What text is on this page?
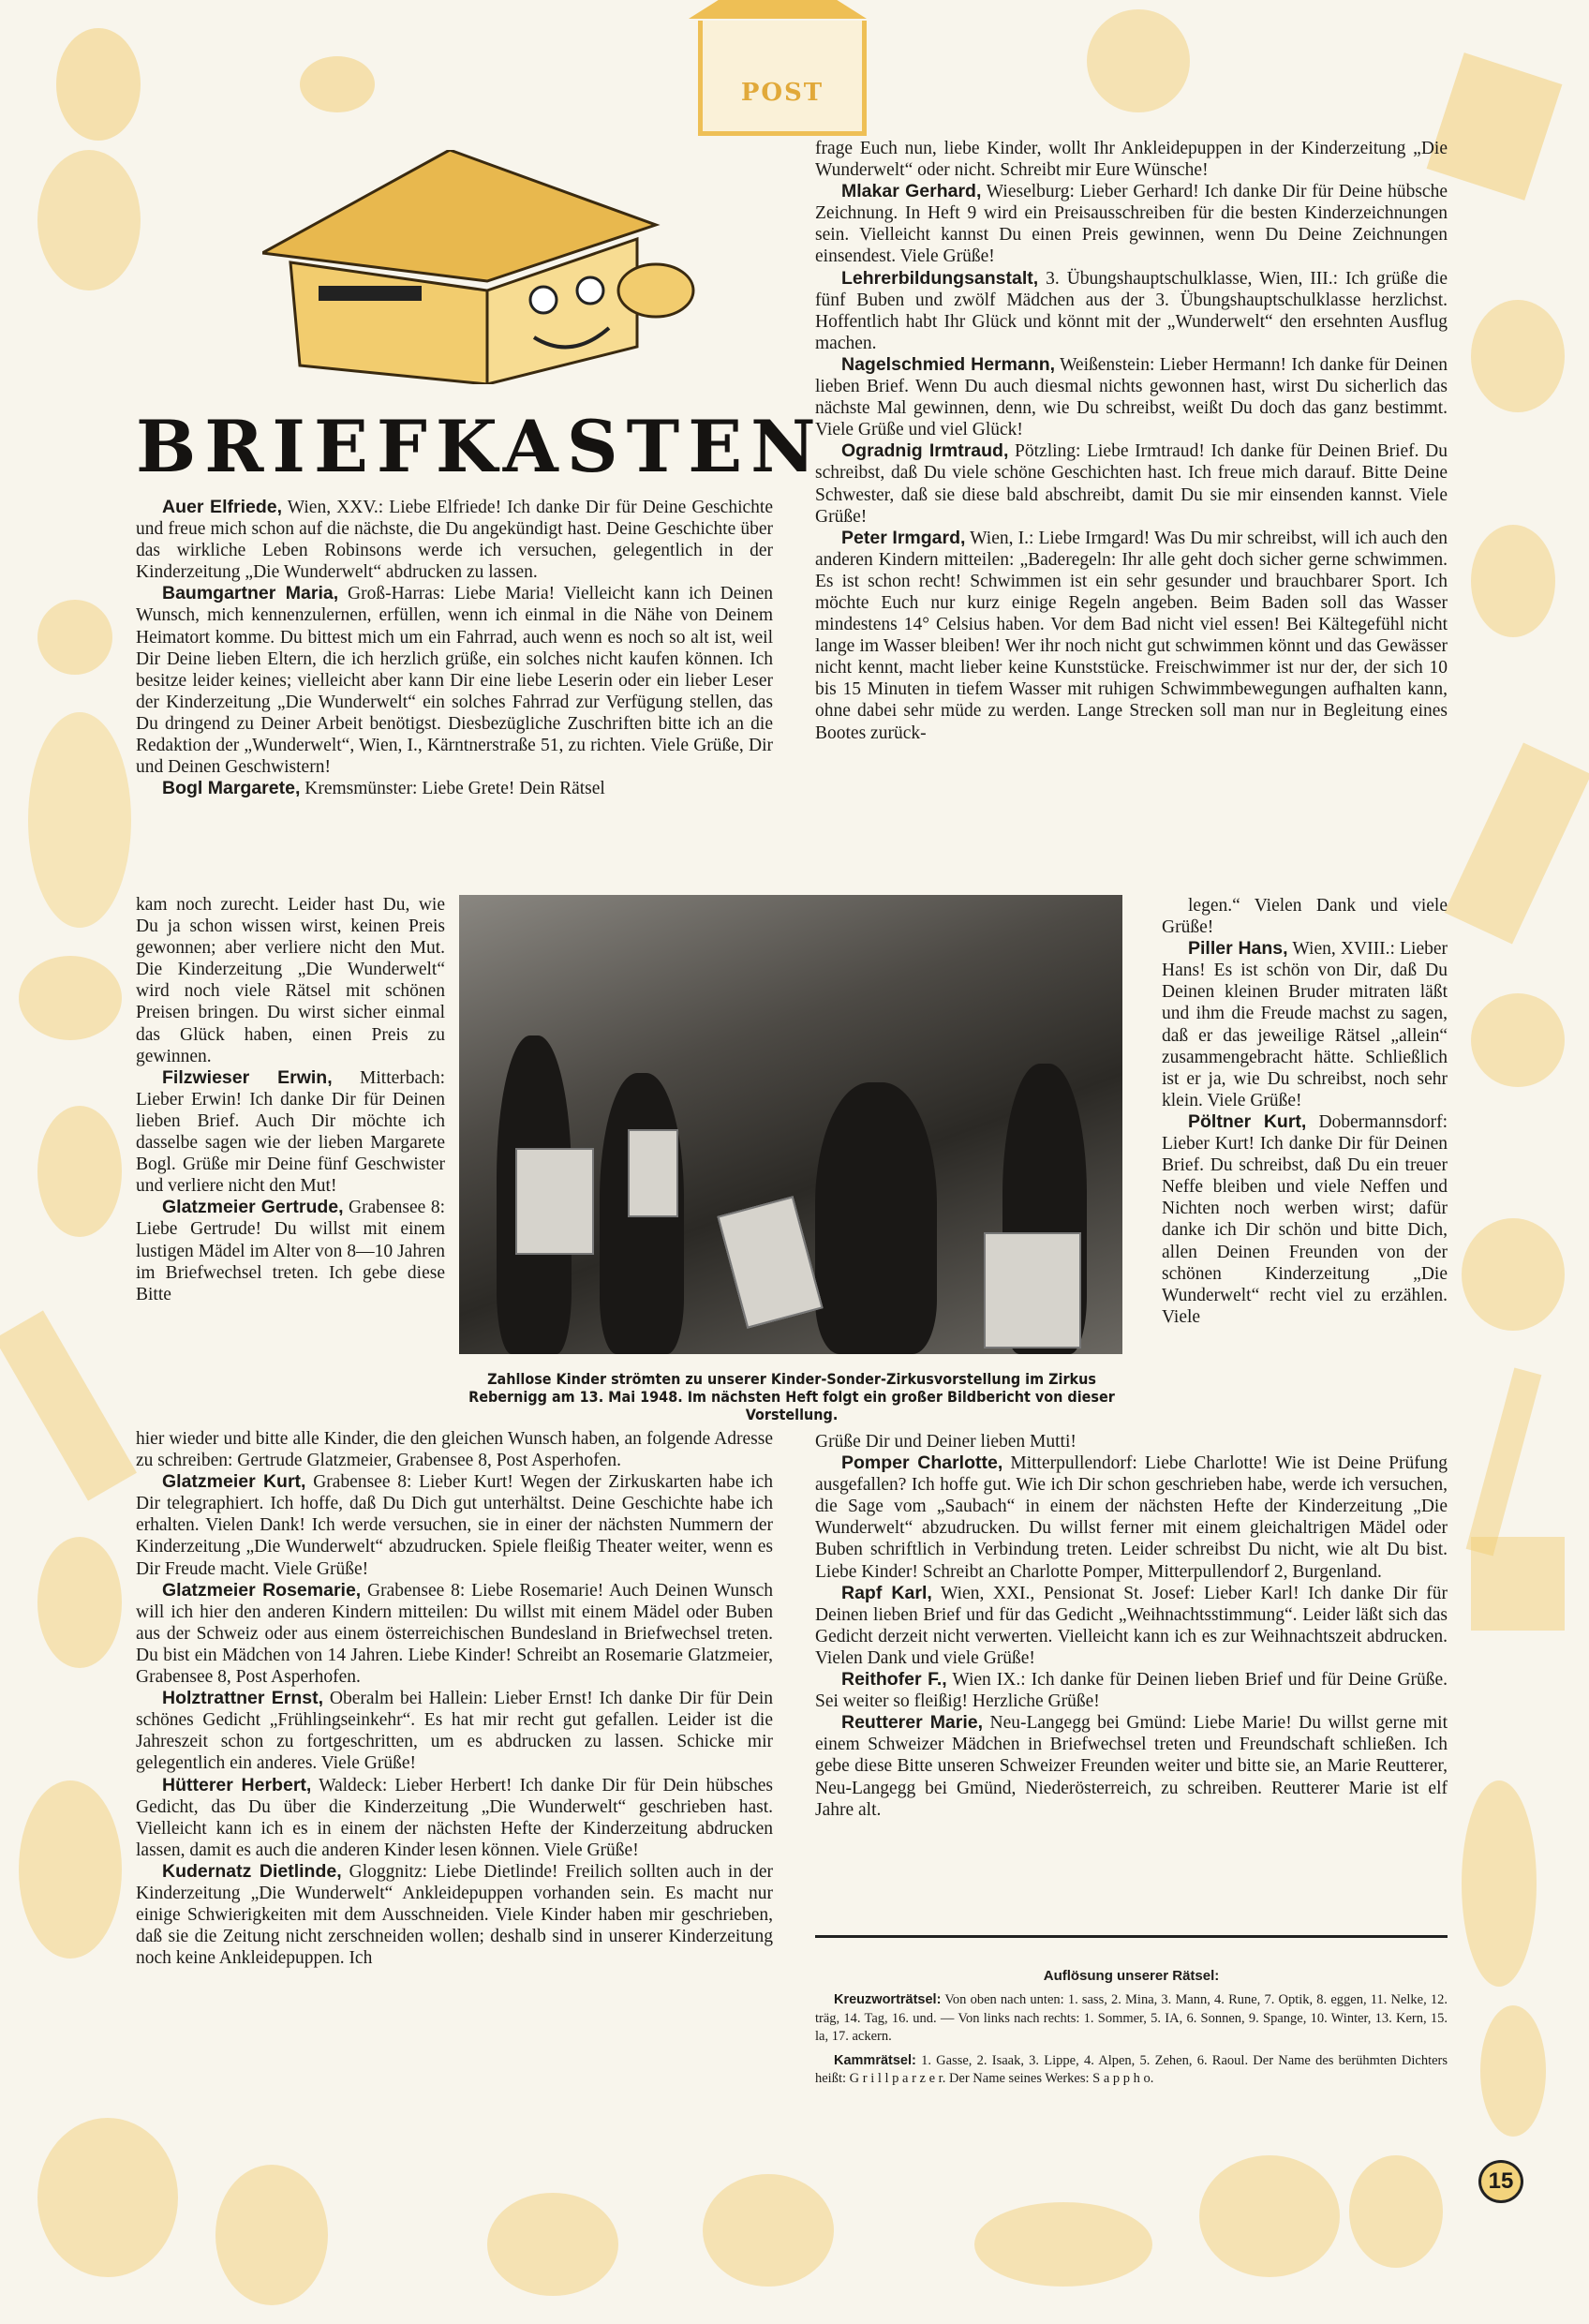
POST
BRIEFKASTEN

Auer Elfriede, Wien, XXV.: Liebe Elfriede! Ich danke Dir für Deine Geschichte und freue mich schon auf die nächste, die Du angekündigt hast. Deine Geschichte über das wirkliche Leben Robinsons werde ich versuchen, gelegentlich in der Kinderzeitung „Die Wunderwelt“ abdrucken zu lassen.

Baumgartner Maria, Groß-Harras: Liebe Maria! Vielleicht kann ich Deinen Wunsch, mich kennenzulernen, erfüllen, wenn ich einmal in die Nähe von Deinem Heimatort komme. Du bittest mich um ein Fahrrad, auch wenn es noch so alt ist, weil Dir Deine lieben Eltern, die ich herzlich grüße, ein solches nicht kaufen können. Ich besitze leider keines; vielleicht aber kann Dir eine liebe Leserin oder ein lieber Leser der Kinderzeitung „Die Wunderwelt“ ein solches Fahrrad zur Verfügung stellen, das Du dringend zu Deiner Arbeit benötigst. Diesbezügliche Zuschriften bitte ich an die Redaktion der „Wunderwelt“, Wien, I., Kärntnerstraße 51, zu richten. Viele Grüße, Dir und Deinen Geschwistern!

Bogl Margarete, Kremsmünster: Liebe Grete! Dein Rätsel

kam noch zurecht. Leider hast Du, wie Du ja schon wissen wirst, keinen Preis gewonnen; aber verliere nicht den Mut. Die Kinderzeitung „Die Wunderwelt“ wird noch viele Rätsel mit schönen Preisen bringen. Du wirst sicher einmal das Glück haben, einen Preis zu gewinnen.

Filzwieser Erwin, Mitterbach: Lieber Erwin! Ich danke Dir für Deinen lieben Brief. Auch Dir möchte ich dasselbe sagen wie der lieben Margarete Bogl. Grüße mir Deine fünf Geschwister und verliere nicht den Mut!

Glatzmeier Gertrude, Grabensee 8: Liebe Gertrude! Du willst mit einem lustigen Mädel im Alter von 8—10 Jahren im Briefwechsel treten. Ich gebe diese Bitte

hier wieder und bitte alle Kinder, die den gleichen Wunsch haben, an folgende Adresse zu schreiben: Gertrude Glatzmeier, Grabensee 8, Post Asperhofen.

Glatzmeier Kurt, Grabensee 8: Lieber Kurt! Wegen der Zirkuskarten habe ich Dir telegraphiert. Ich hoffe, daß Du Dich gut unterhältst. Deine Geschichte habe ich erhalten. Vielen Dank! Ich werde versuchen, sie in einer der nächsten Nummern der Kinderzeitung „Die Wunderwelt“ abzudrucken. Spiele fleißig Theater weiter, wenn es Dir Freude macht. Viele Grüße!

Glatzmeier Rosemarie, Grabensee 8: Liebe Rosemarie! Auch Deinen Wunsch will ich hier den anderen Kindern mitteilen: Du willst mit einem Mädel oder Buben aus der Schweiz oder aus einem österreichischen Bundesland in Briefwechsel treten. Du bist ein Mädchen von 14 Jahren. Liebe Kinder! Schreibt an Rosemarie Glatzmeier, Grabensee 8, Post Asperhofen.

Holztrattner Ernst, Oberalm bei Hallein: Lieber Ernst! Ich danke Dir für Dein schönes Gedicht „Frühlingseinkehr“. Es hat mir recht gut gefallen. Leider ist die Jahreszeit schon zu fortgeschritten, um es abdrucken zu lassen. Schicke mir gelegentlich ein anderes. Viele Grüße!

Hütterer Herbert, Waldeck: Lieber Herbert! Ich danke Dir für Dein hübsches Gedicht, das Du über die Kinderzeitung „Die Wunderwelt“ geschrieben hast. Vielleicht kann ich es in einem der nächsten Hefte der Kinderzeitung abdrucken lassen, damit es auch die anderen Kinder lesen können. Viele Grüße!

Kudernatz Dietlinde, Gloggnitz: Liebe Dietlinde! Freilich sollten auch in der Kinderzeitung „Die Wunderwelt“ Ankleidepuppen vorhanden sein. Es macht nur einige Schwierigkeiten mit dem Ausschneiden. Viele Kinder haben mir geschrieben, daß sie die Zeitung nicht zerschneiden wollen; deshalb sind in unserer Kinderzeitung noch keine Ankleidepuppen. Ich

Zahllose Kinder strömten zu unserer Kinder-Sonder-Zirkusvorstellung im Zirkus Rebernigg am 13. Mai 1948. Im nächsten Heft folgt ein großer Bildbericht von dieser Vorstellung.

frage Euch nun, liebe Kinder, wollt Ihr Ankleidepuppen in der Kinderzeitung „Die Wunderwelt“ oder nicht. Schreibt mir Eure Wünsche!

Mlakar Gerhard, Wieselburg: Lieber Gerhard! Ich danke Dir für Deine hübsche Zeichnung. In Heft 9 wird ein Preisausschreiben für die besten Kinderzeichnungen sein. Vielleicht kannst Du einen Preis gewinnen, wenn Du Deine Zeichnungen einsendest. Viele Grüße!

Lehrerbildungsanstalt, 3. Übungshauptschulklasse, Wien, III.: Ich grüße die fünf Buben und zwölf Mädchen aus der 3. Übungshauptschulklasse herzlichst. Hoffentlich habt Ihr Glück und könnt mit der „Wunderwelt“ den ersehnten Ausflug machen.

Nagelschmied Hermann, Weißenstein: Lieber Hermann! Ich danke für Deinen lieben Brief. Wenn Du auch diesmal nichts gewonnen hast, wirst Du sicherlich das nächste Mal gewinnen, denn, wie Du schreibst, weißt Du doch das ganz bestimmt. Viele Grüße und viel Glück!

Ogradnig Irmtraud, Pötzling: Liebe Irmtraud! Ich danke für Deinen Brief. Du schreibst, daß Du viele schöne Geschichten hast. Ich freue mich darauf. Bitte Deine Schwester, daß sie diese bald abschreibt, damit Du sie mir einsenden kannst. Viele Grüße!

Peter Irmgard, Wien, I.: Liebe Irmgard! Was Du mir schreibst, will ich auch den anderen Kindern mitteilen: „Baderegeln: Ihr alle geht doch sicher gerne schwimmen. Es ist schon recht! Schwimmen ist ein sehr gesunder und brauchbarer Sport. Ich möchte Euch nur kurz einige Regeln angeben. Beim Baden soll das Wasser mindestens 14° Celsius haben. Vor dem Bad nicht viel essen! Bei Kältegefühl nicht lange im Wasser bleiben! Wer ihr noch nicht gut schwimmen könnt und das Gewässer nicht kennt, macht lieber keine Kunststücke. Freischwimmer ist nur der, der sich 10 bis 15 Minuten in tiefem Wasser mit ruhigen Schwimmbewegungen aufhalten kann, ohne dabei sehr müde zu werden. Lange Strecken soll man nur in Begleitung eines Bootes zurück-

legen.“ Vielen Dank und viele Grüße!

Piller Hans, Wien, XVIII.: Lieber Hans! Es ist schön von Dir, daß Du Deinen kleinen Bruder mitraten läßt und ihm die Freude machst zu sagen, daß er das jeweilige Rätsel „allein“ zusammengebracht hätte. Schließlich ist er ja, wie Du schreibst, noch sehr klein. Viele Grüße!

Pöltner Kurt, Dobermannsdorf: Lieber Kurt! Ich danke Dir für Deinen Brief. Du schreibst, daß Du ein treuer Neffe bleiben und viele Neffen und Nichten noch werben wirst; dafür danke ich Dir schön und bitte Dich, allen Deinen Freunden von der schönen Kinderzeitung „Die Wunderwelt“ recht viel zu erzählen. Viele

Grüße Dir und Deiner lieben Mutti!

Pomper Charlotte, Mitterpullendorf: Liebe Charlotte! Wie ist Deine Prüfung ausgefallen? Ich hoffe gut. Wie ich Dir schon geschrieben habe, werde ich versuchen, die Sage vom „Saubach“ in einem der nächsten Hefte der Kinderzeitung „Die Wunderwelt“ abzudrucken. Du willst ferner mit einem gleichaltrigen Mädel oder Buben schriftlich in Verbindung treten. Leider schreibst Du nicht, wie alt Du bist. Liebe Kinder! Schreibt an Charlotte Pomper, Mitterpullendorf 2, Burgenland.

Rapf Karl, Wien, XXI., Pensionat St. Josef: Lieber Karl! Ich danke Dir für Deinen lieben Brief und für das Gedicht „Weihnachtsstimmung“. Leider läßt sich das Gedicht derzeit nicht verwerten. Vielleicht kann ich es zur Weihnachtszeit abdrucken. Vielen Dank und viele Grüße!

Reithofer F., Wien IX.: Ich danke für Deinen lieben Brief und für Deine Grüße. Sei weiter so fleißig! Herzliche Grüße!

Reutterer Marie, Neu-Langegg bei Gmünd: Liebe Marie! Du willst gerne mit einem Schweizer Mädchen in Briefwechsel treten und Freundschaft schließen. Ich gebe diese Bitte unseren Schweizer Freunden weiter und bitte sie, an Marie Reutterer, Neu-Langegg bei Gmünd, Niederösterreich, zu schreiben. Reutterer Marie ist elf Jahre alt.

Auflösung unserer Rätsel:

Kreuzworträtsel: Von oben nach unten: 1. sass, 2. Mina, 3. Mann, 4. Rune, 7. Optik, 8. eggen, 11. Nelke, 12. träg, 14. Tag, 16. und. — Von links nach rechts: 1. Sommer, 5. IA, 6. Sonnen, 9. Spange, 10. Winter, 13. Kern, 15. la, 17. ackern.

Kammrätsel: 1. Gasse, 2. Isaak, 3. Lippe, 4. Alpen, 5. Zehen, 6. Raoul. Der Name des berühmten Dichters heißt: G r i l l p a r z e r. Der Name seines Werkes: S a p p h o.

15
